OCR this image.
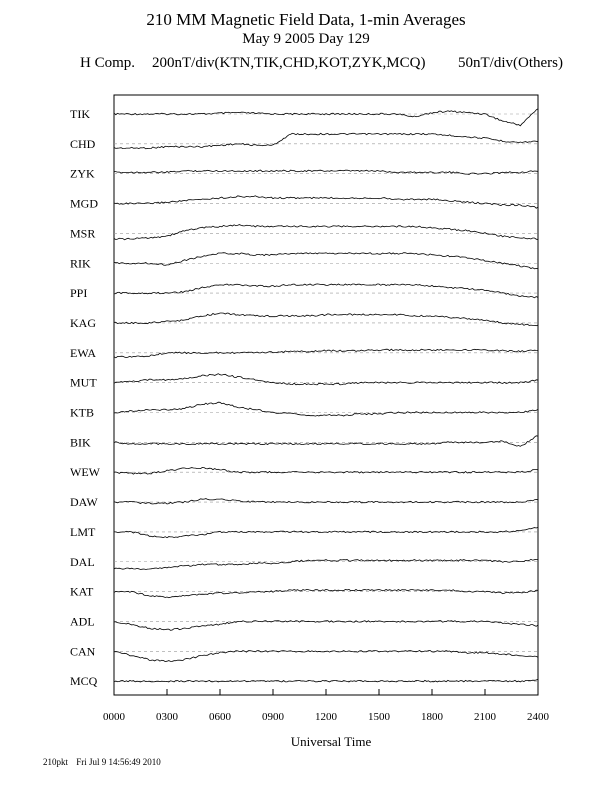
210 MM Magnetic Field Data, 1-min Averages
May 9 2005 Day 129
H Comp. 200nT/div(KTN,TIK,CHD,KOT,ZYK,MCQ) 50nT/div(Others)
TIK
CHD
ZYK
MGD
MSR
RIK
PPI
KAG
EWA
MUT
KTB
BIK
WEW
DAW
LMT
DAL
KAT
ADL
CAN
MCQ
0000	0300	0600	0900	1200	1500	1800	2100	2400
Universal Time
210pkt Fri Jul 9 14:56:49 2010
